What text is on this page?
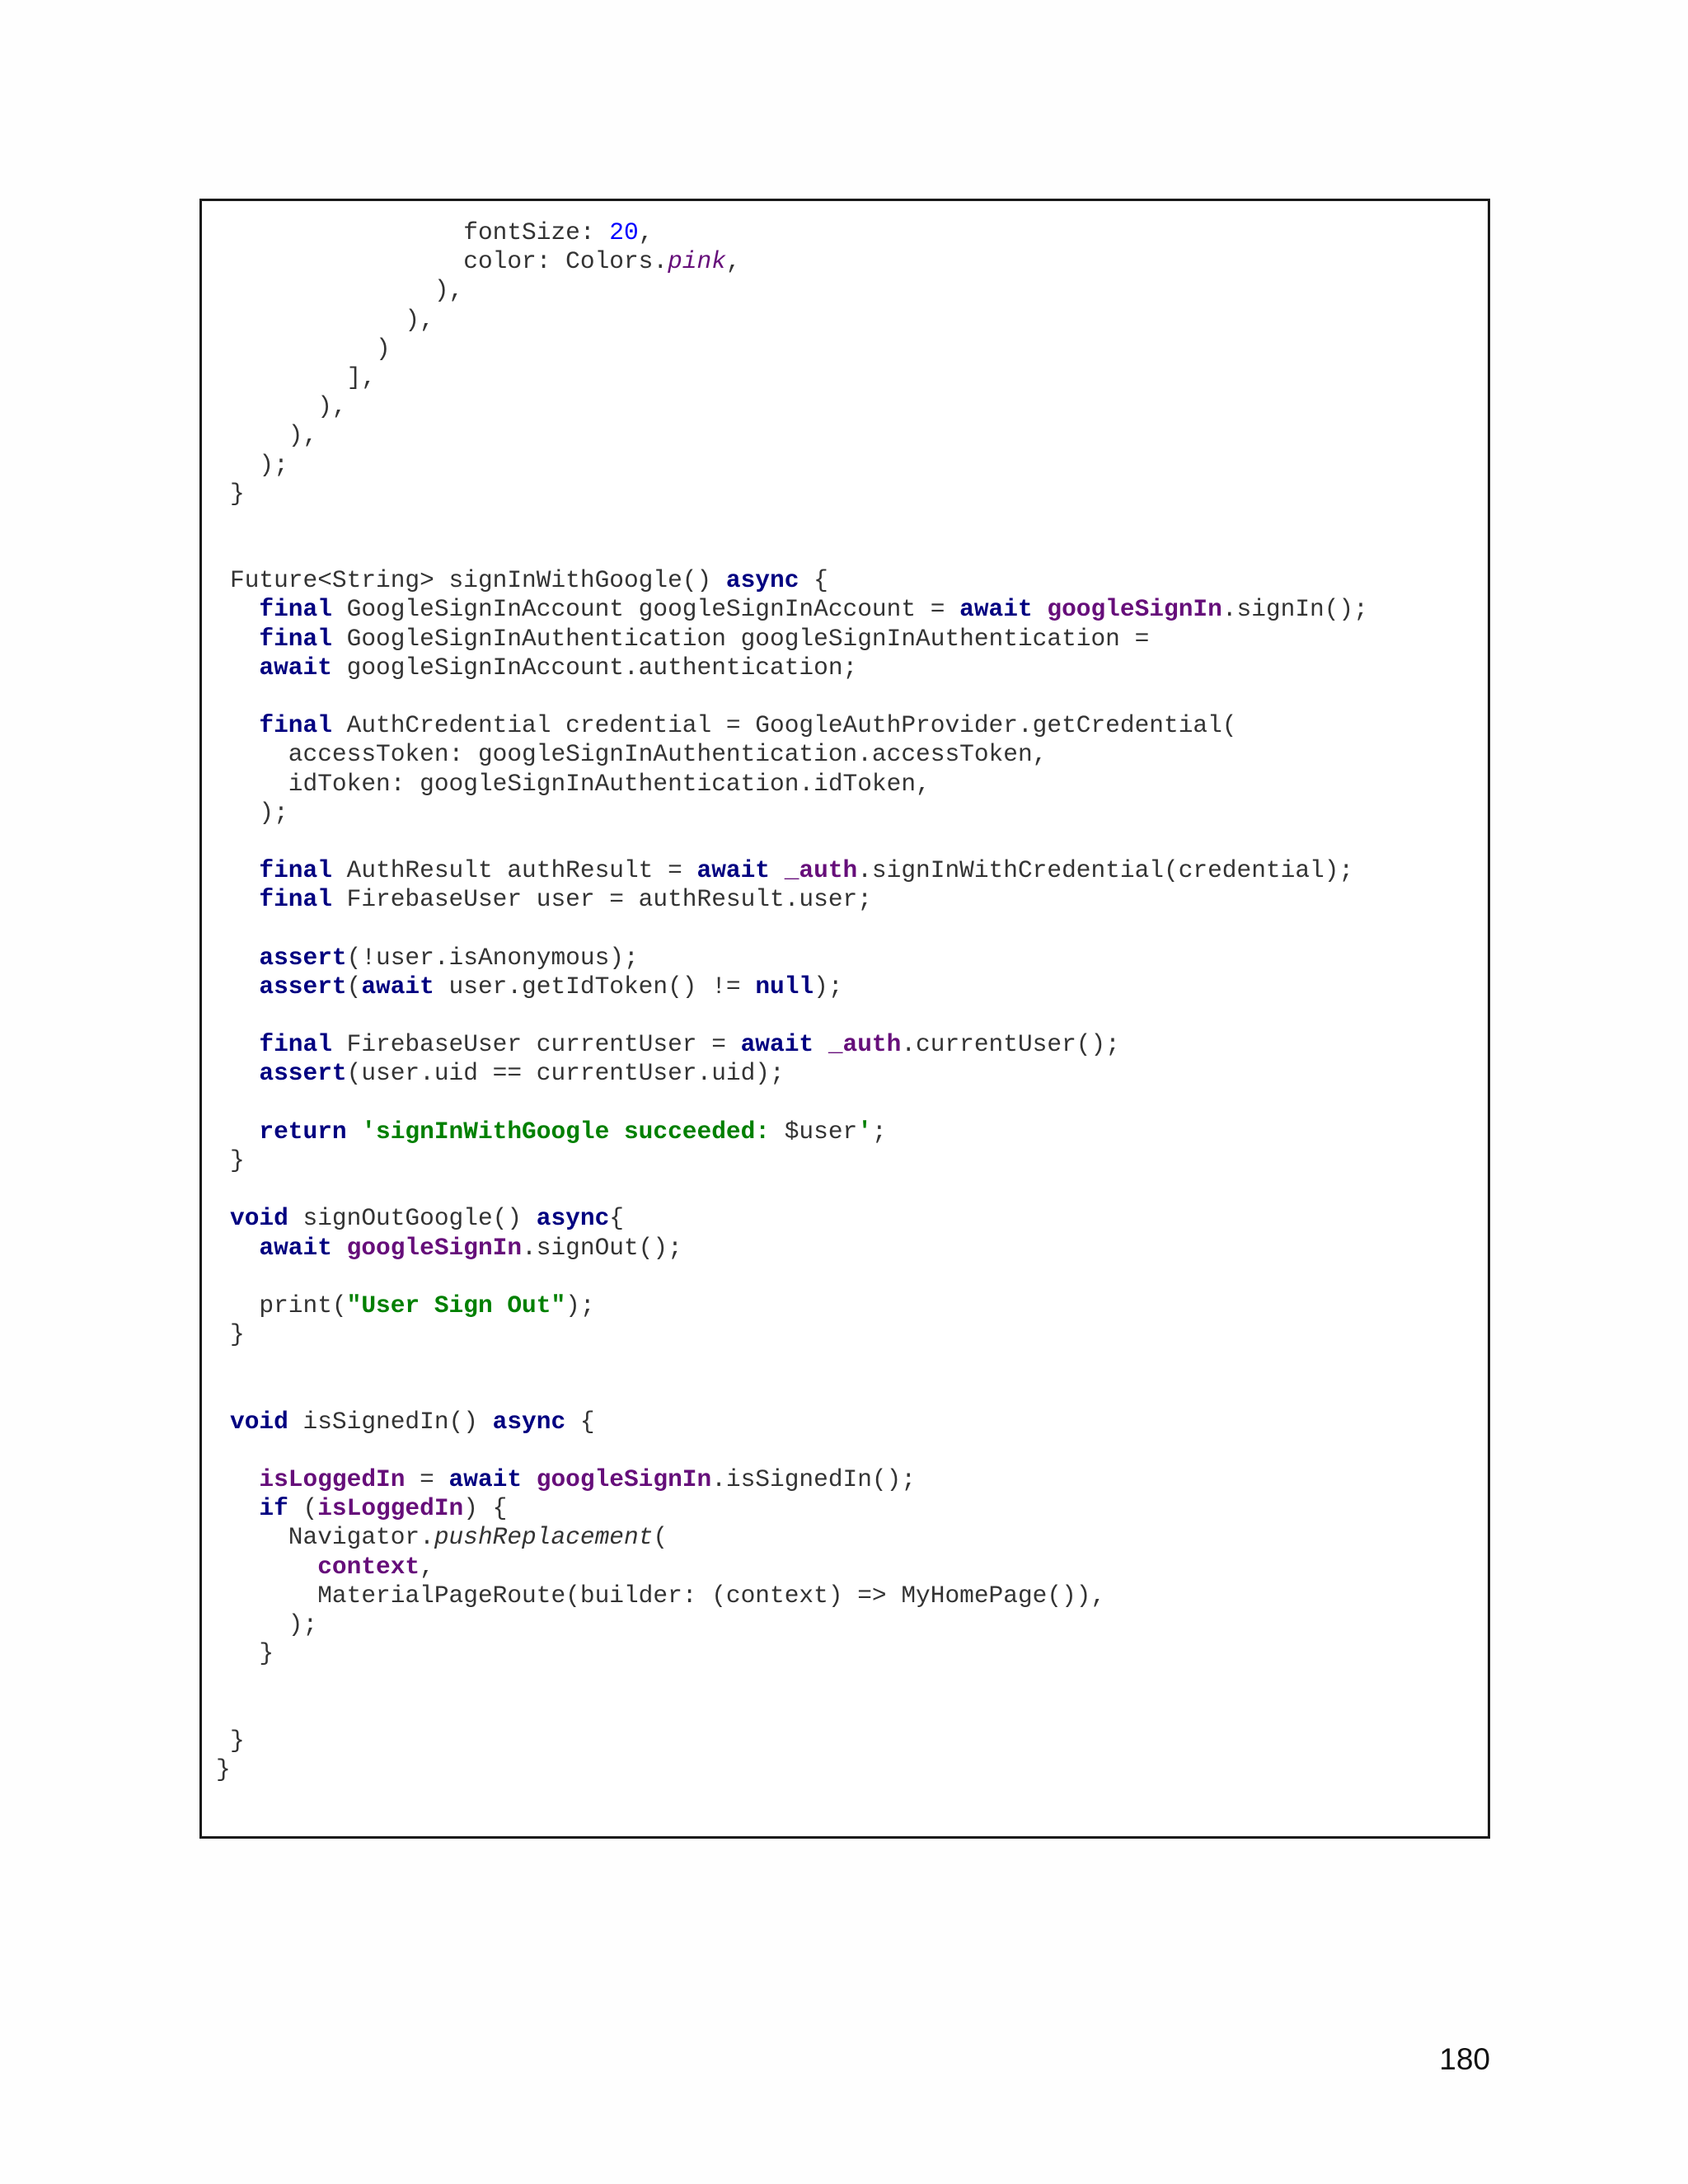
fontSize: 20,
color: Colors.pink,
),
),
)
],
),
),
);
}

Future<String> signInWithGoogle() async {
final GoogleSignInAccount googleSignInAccount = await googleSignIn.signIn();
final GoogleSignInAuthentication googleSignInAuthentication =
await googleSignInAccount.authentication;

final AuthCredential credential = GoogleAuthProvider.getCredential(
accessToken: googleSignInAuthentication.accessToken,
idToken: googleSignInAuthentication.idToken,
);

final AuthResult authResult = await _auth.signInWithCredential(credential);
final FirebaseUser user = authResult.user;

assert(!user.isAnonymous);
assert(await user.getIdToken() != null);

final FirebaseUser currentUser = await _auth.currentUser();
assert(user.uid == currentUser.uid);

return 'signInWithGoogle succeeded: $user';
}

void signOutGoogle() async{
await googleSignIn.signOut();

print("User Sign Out");
}

void isSignedIn() async {

isLoggedIn = await googleSignIn.isSignedIn();
if (isLoggedIn) {
Navigator.pushReplacement(
context,
MaterialPageRoute(builder: (context) => MyHomePage()),
);
}

}
}
180
